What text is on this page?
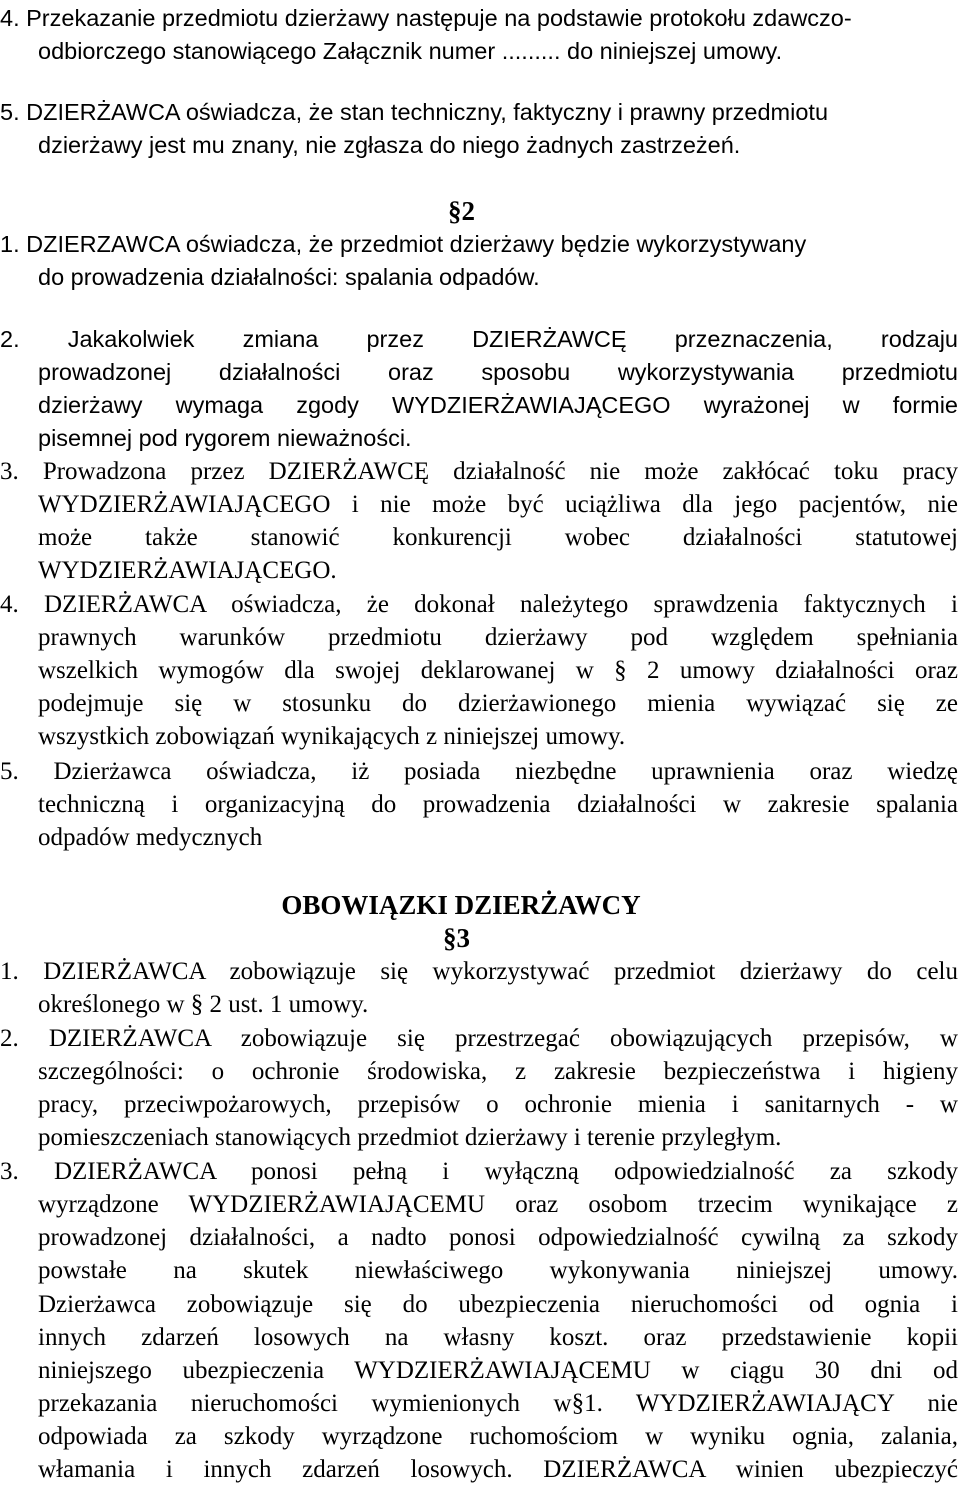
4. Przekazanie przedmiotu dzierżawy następuje na podstawie protokołu zdawczo-
odbiorczego stanowiącego Załącznik numer ......... do niniejszej umowy.
5. DZIERŻAWCA oświadcza, że stan techniczny, faktyczny i prawny przedmiotu
dzierżawy jest mu znany, nie zgłasza do niego żadnych zastrzeżeń.
1. DZIERZAWCA oświadcza, że przedmiot dzierżawy będzie wykorzystywany
do prowadzenia działalności: spalania odpadów.
2. Jakakolwiek zmiana przez DZIERŻAWCĘ przeznaczenia, rodzaju
prowadzonej działalności oraz sposobu wykorzystywania przedmiotu
dzierżawy wymaga zgody WYDZIERŻAWIAJĄCEGO wyrażonej w formie
pisemnej pod rygorem nieważności.
3. Prowadzona przez DZIERŻAWCĘ działalność nie może zakłócać toku pracy
WYDZIERŻAWIAJĄCEGO i nie może być uciążliwa dla jego pacjentów, nie
może także stanowić konkurencji wobec działalności statutowej
WYDZIERŻAWIAJĄCEGO.
4. DZIERŻAWCA oświadcza, że dokonał należytego sprawdzenia faktycznych i
prawnych warunków przedmiotu dzierżawy pod względem spełniania
wszelkich wymogów dla swojej deklarowanej w § 2 umowy działalności oraz
podejmuje się w stosunku do dzierżawionego mienia wywiązać się ze
wszystkich zobowiązań wynikających z niniejszej umowy.
5. Dzierżawca oświadcza, iż posiada niezbędne uprawnienia oraz wiedzę
techniczną i organizacyjną do prowadzenia działalności w zakresie spalania
odpadów medycznych
1. DZIERŻAWCA zobowiązuje się wykorzystywać przedmiot dzierżawy do celu
określonego w § 2 ust. 1 umowy.
2. DZIERŻAWCA zobowiązuje się przestrzegać obowiązujących przepisów, w
szczególności: o ochronie środowiska, z zakresie bezpieczeństwa i higieny
pracy, przeciwpożarowych, przepisów o ochronie mienia i sanitarnych - w
pomieszczeniach stanowiących przedmiot dzierżawy i terenie przyległym.
3. DZIERŻAWCA ponosi pełną i wyłączną odpowiedzialność za szkody
wyrządzone WYDZIERŻAWIAJĄCEMU oraz osobom trzecim wynikające z
prowadzonej działalności, a nadto ponosi odpowiedzialność cywilną za szkody
powstałe na skutek niewłaściwego wykonywania niniejszej umowy.
Dzierżawca zobowiązuje się do ubezpieczenia nieruchomości od ognia i
innych zdarzeń losowych na własny koszt. oraz przedstawienie kopii
niniejszego ubezpieczenia WYDZIERŻAWIAJĄCEMU w ciągu 30 dni od
przekazania nieruchomości wymienionych w§1. WYDZIERŻAWIAJĄCY nie
odpowiada za szkody wyrządzone ruchomościom w wyniku ognia, zalania,
włamania i innych zdarzeń losowych. DZIERŻAWCA winien ubezpieczyć
§2
OBOWIĄZKI DZIERŻAWCY
§3
